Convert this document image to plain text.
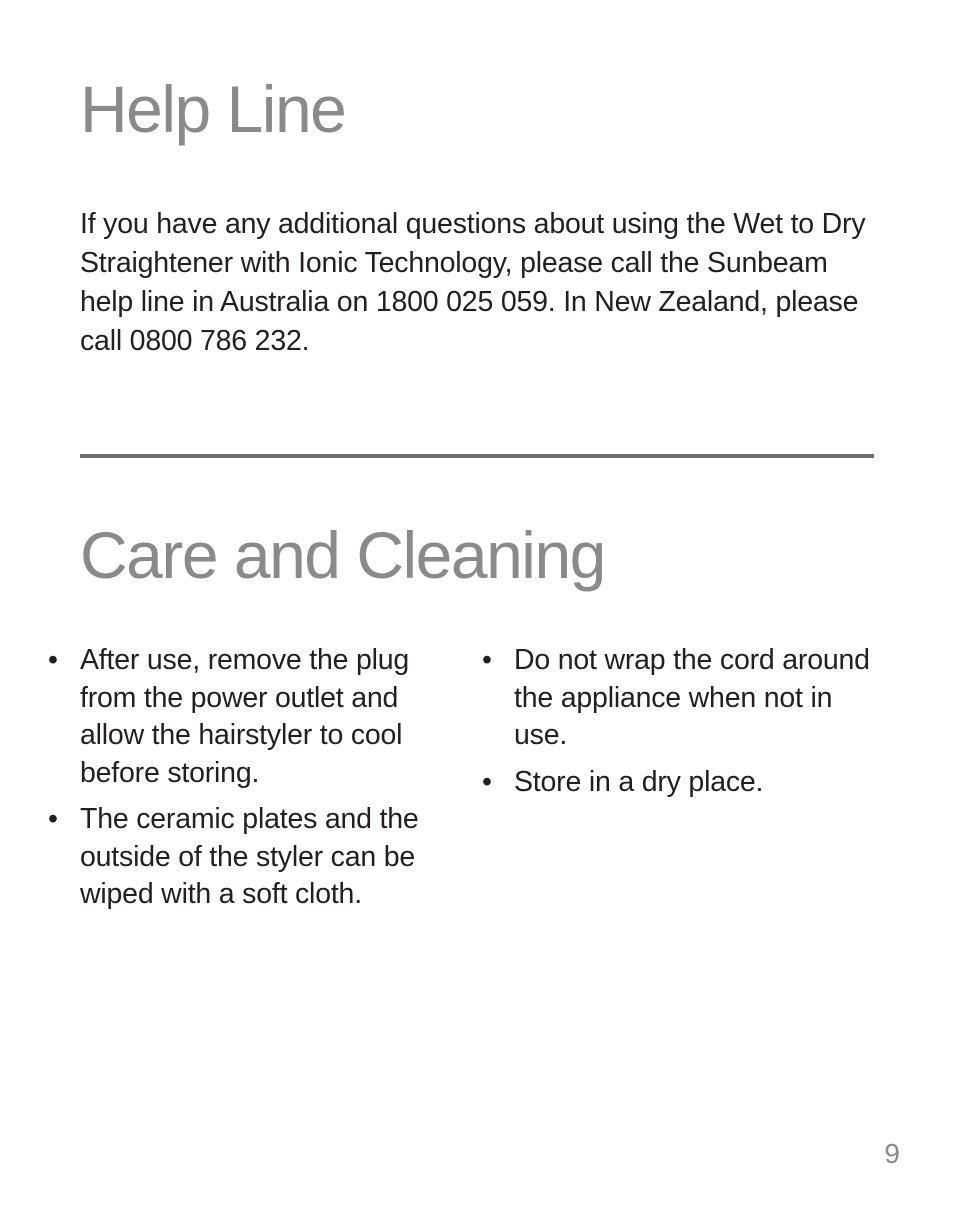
Help Line

If you have any additional questions about using the Wet to Dry Straightener with Ionic Technology, please call the Sunbeam help line in Australia on 1800 025 059. In New Zealand, please call 0800 786 232.

Care and Cleaning
• After use, remove the plug from the power outlet and allow the hairstyler to cool before storing.
• The ceramic plates and the outside of the styler can be wiped with a soft cloth.
• Do not wrap the cord around the appliance when not in use.
• Store in a dry place.
9
